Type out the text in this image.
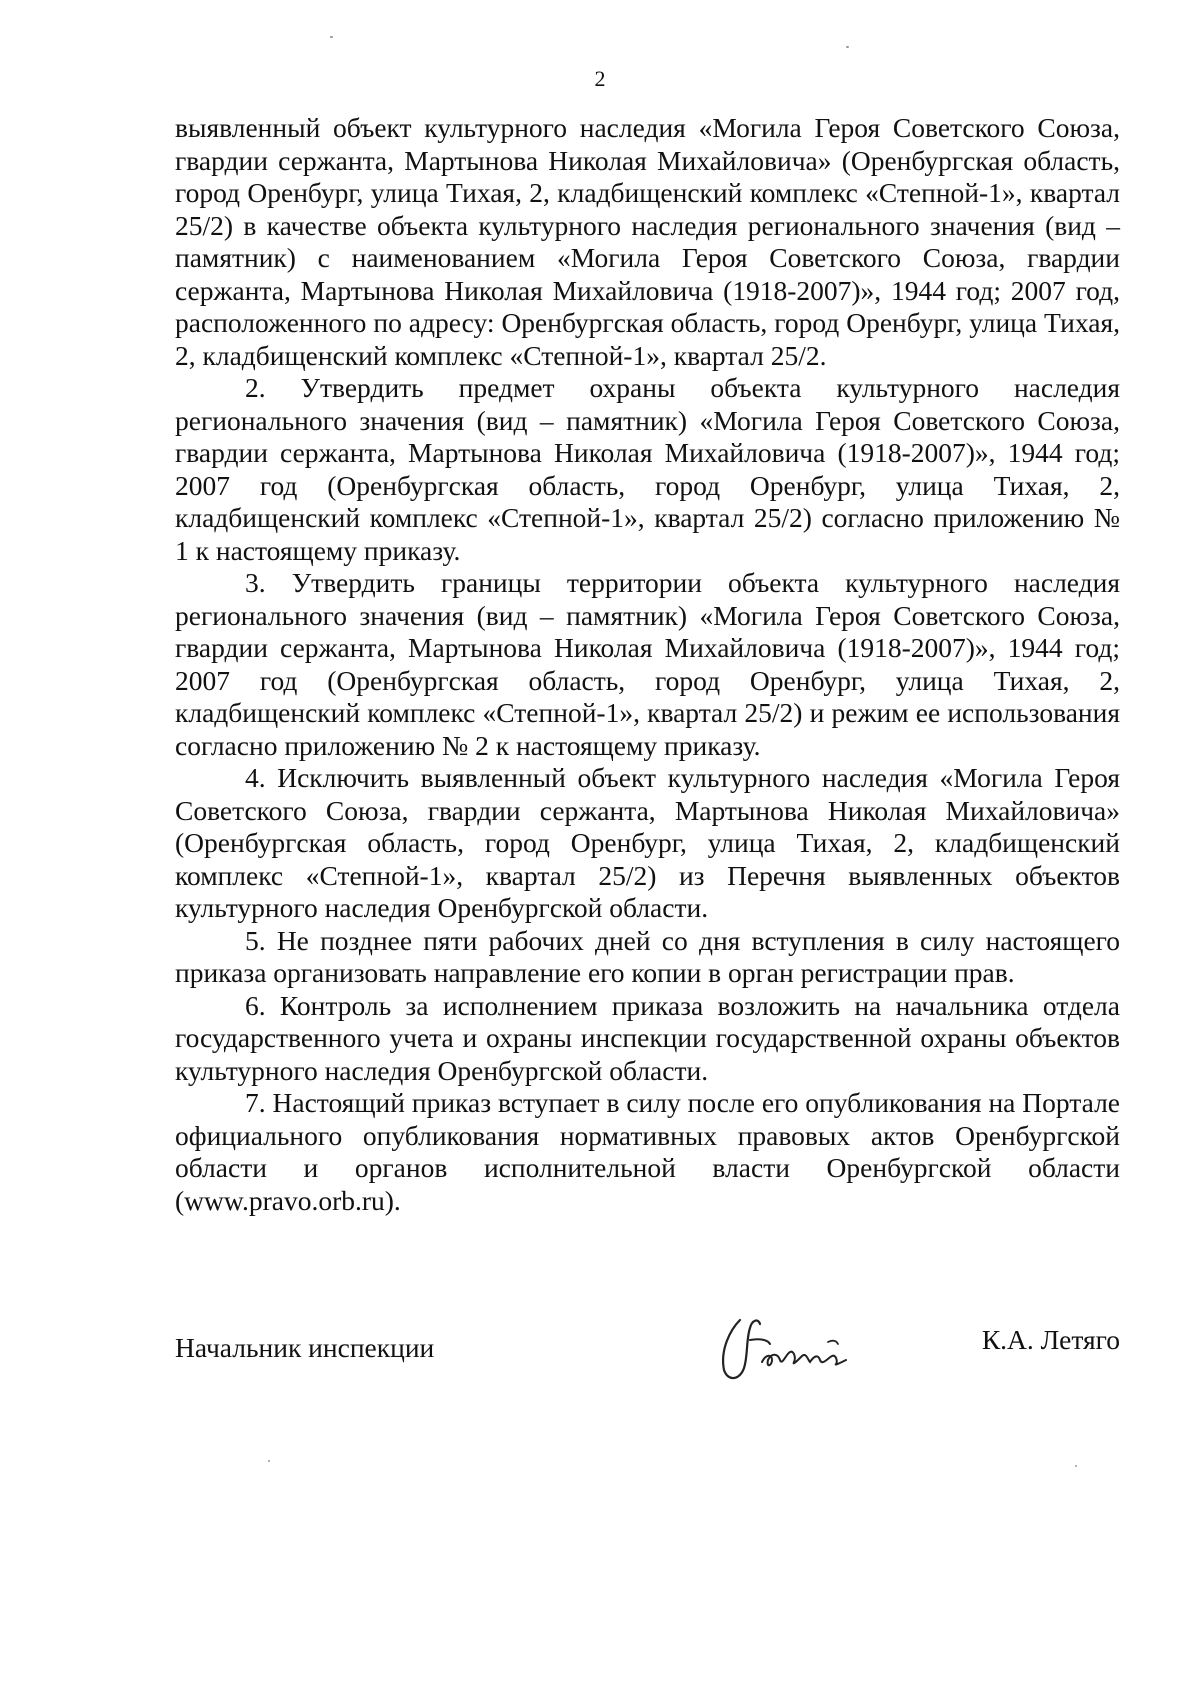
2

выявленный объект культурного наследия «Могила Героя Советского Союза, гвардии сержанта, Мартынова Николая Михайловича» (Оренбургская область, город Оренбург, улица Тихая, 2, кладбищенский комплекс «Степной-1», квартал 25/2) в качестве объекта культурного наследия регионального значения (вид – памятник) с наименованием «Могила Героя Советского Союза, гвардии сержанта, Мартынова Николая Михайловича (1918-2007)», 1944 год; 2007 год, расположенного по адресу: Оренбургская область, город Оренбург, улица Тихая, 2, кладбищенский комплекс «Степной-1», квартал 25/2.

2. Утвердить предмет охраны объекта культурного наследия регионального значения (вид – памятник) «Могила Героя Советского Союза, гвардии сержанта, Мартынова Николая Михайловича (1918-2007)», 1944 год; 2007 год (Оренбургская область, город Оренбург, улица Тихая, 2, кладбищенский комплекс «Степной-1», квартал 25/2) согласно приложению № 1 к настоящему приказу.

3. Утвердить границы территории объекта культурного наследия регионального значения (вид – памятник) «Могила Героя Советского Союза, гвардии сержанта, Мартынова Николая Михайловича (1918-2007)», 1944 год; 2007 год (Оренбургская область, город Оренбург, улица Тихая, 2, кладбищенский комплекс «Степной-1», квартал 25/2) и режим ее использования согласно приложению № 2 к настоящему приказу.

4. Исключить выявленный объект культурного наследия «Могила Героя Советского Союза, гвардии сержанта, Мартынова Николая Михайловича» (Оренбургская область, город Оренбург, улица Тихая, 2, кладбищенский комплекс «Степной-1», квартал 25/2) из Перечня выявленных объектов культурного наследия Оренбургской области.

5. Не позднее пяти рабочих дней со дня вступления в силу настоящего приказа организовать направление его копии в орган регистрации прав.

6. Контроль за исполнением приказа возложить на начальника отдела государственного учета и охраны инспекции государственной охраны объектов культурного наследия Оренбургской области.

7. Настоящий приказ вступает в силу после его опубликования на Портале официального опубликования нормативных правовых актов Оренбургской области и органов исполнительной власти Оренбургской области (www.pravo.orb.ru).

Начальник инспекции	К.А. Летяго
